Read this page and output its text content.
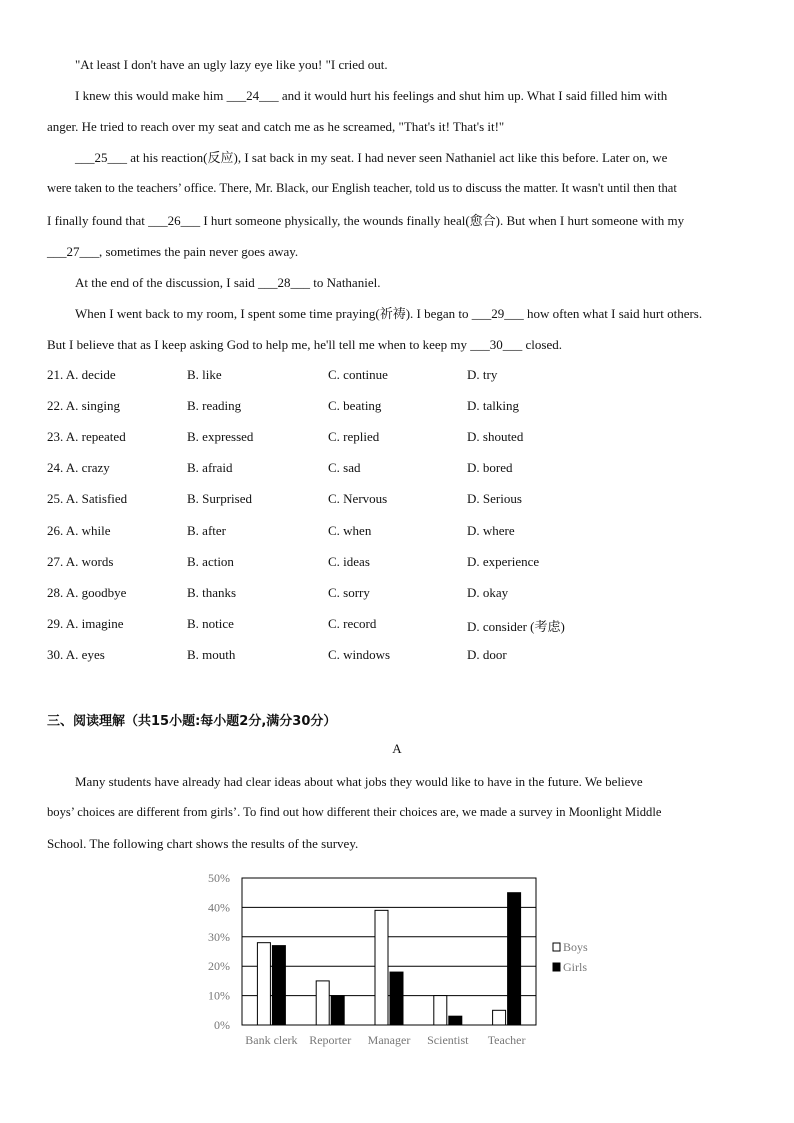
"At least I don't have an ugly lazy eye like you! "I cried out.
I knew this would make him ___24___ and it would hurt his feelings and shut him up. What I said filled him with
anger. He tried to reach over my seat and catch me as he screamed, "That's it! That's it!"
___25___ at his reaction(反应), I sat back in my seat. I had never seen Nathaniel act like this before. Later on, we
were taken to the teachers’ office. There, Mr. Black, our English teacher, told us to discuss the matter. It wasn't until then that
I finally found that ___26___ I hurt someone physically, the wounds finally heal(愈合). But when I hurt someone with my
___27___, sometimes the pain never goes away.
At the end of the discussion, I said ___28___ to Nathaniel.
When I went back to my room, I spent some time praying(祈祷). I began to ___29___ how often what I said hurt others.
But I believe that as I keep asking God to help me, he'll tell me when to keep my ___30___ closed.
21. A. decide	B. like	C. continue	D. try
22. A. singing	B. reading	C. beating	D. talking
23. A. repeated	B. expressed	C. replied	D. shouted
24. A. crazy	B. afraid	C. sad	D. bored
25. A. Satisfied	B. Surprised	C. Nervous	D. Serious
26. A. while	B. after	C. when	D. where
27. A. words	B. action	C. ideas	D. experience
28. A. goodbye	B. thanks	C. sorry	D. okay
29. A. imagine	B. notice	C. record	D. consider (考虑)
30. A. eyes	B. mouth	C. windows	D. door
三、阅读理解（共15小题:每小题2分,满分30分）
A
Many students have already had clear ideas about what jobs they would like to have in the future. We believe
boys’ choices are different from girls’. To find out how different their choices are, we made a survey in Moonlight Middle
School. The following chart shows the results of the survey.
0%
10%
20%
30%
40%
50%
Bank clerk Reporter Manager Scientist Teacher
Boys
Girls
